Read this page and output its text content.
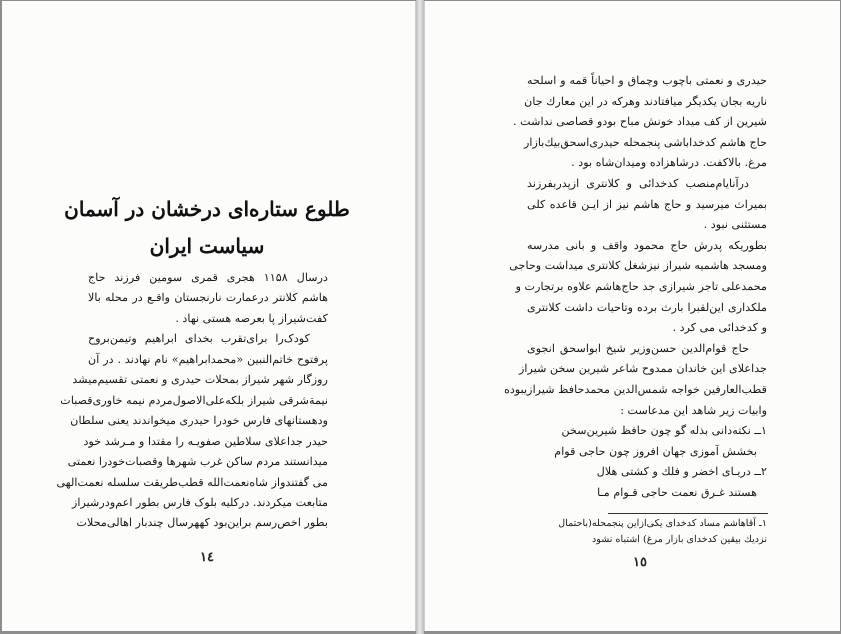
طلوع ستاره‌ای درخشان در آسمان
سیاست ایران
درسال ۱۱۵۸ هجری قمری سومین فرزند حاج
هاشم کلانتر درعمارت نارنجستان واقـع در محله بالا
کفت‌شیراز پا بعرصه هستی نهاد .
کودک‌را برای‌تقرب بخدای ابراهیم وتیمن‌بروح
پرفتوح خاتم‌النبین «محمدابراهیم» نام نهادند . در آن
روزگار شهر شیراز بمحلات حیدری و نعمتی تقسیم‌میشد
نیمةشرقی شیراز بلکه‌علی‌الاصول‌مردم نیمه خاوری‌قصبات
ودهستانهای فارس خودرا حیدری میخواندند یعنی سلطان
حیدر جداعلای سلاطین صفویـه را مقتدا و مـرشد خود
میدانستند مردم ساکن غرب شهرها وقصبات‌خودرا نعمتی
می گفتندواز شاه‌نعمت‌الله قطب‌طریقت سلسله نعمت‌الهی
متابعت میکردند. درکلیه بلوک فارس بطور اعم‌ودرشیراز
بطور اخص‌رسم براین‌بود کههرسال چندبار اهالی‌محلات
١٤
حیدری و نعمتی باچوب وچماق و احیاناً قمه و اسلحه
ناریه بجان یکدیگر میافتادند وهرکه در این معارك جان
شیرین از کف میداد خونش مباح بودو قصاصی نداشت .
حاج هاشم کدخداباشی پنجمحله حیدری‌اسحق‌بیك‌بازار
مرغ. بالاکفت. درشاهزاده ومیدان‌شاه بود .
درآنایام‌منصب کدخدائی و کلانتری ازپدربفرزند
بمیراث میرسید و حاج هاشم نیز از ایـن قاعده کلی
مستثنی نبود .
بطوریکه پدرش حاج محمود واقف و بانی مدرسه
ومسجد هاشمیه شیراز نیزشغل کلانتری میداشت وحاجی
محمدعلی تاجر شیرازی جد حاج‌هاشم علاوه برتجارت و
ملکداری این‌لقبرا بارث برده وتاحیات داشت کلانتری
و کدخدائی می کرد .
حاج قوام‌الدین حسن‌وزیر شیخ ابواسحق انجوی
جداعلای این خاندان ممدوح شاعر شیرین سخن شیراز
قطب‌العارفین خواجه شمس‌الدین محمدحافظ شیرازیبوده
وابیات زیر شاهد این مدعاست :
۱ــ نکته‌دانی بذله گو چون حافظ شیرین‌سخن
بخشش آموزی جهان افروز چون حاجی قوام
۲ــ دریـای اخضر و فلك و کشتی هلال
هستند غـرق نعمت حاجی قـوام مـا
۱ـ آقاهاشم مساد کدخدای یکی‌ازاین پنجمحله(باحتمال
نزدیك بیقین کدخدای بازار مرغ) اشتباه نشود
١٥
